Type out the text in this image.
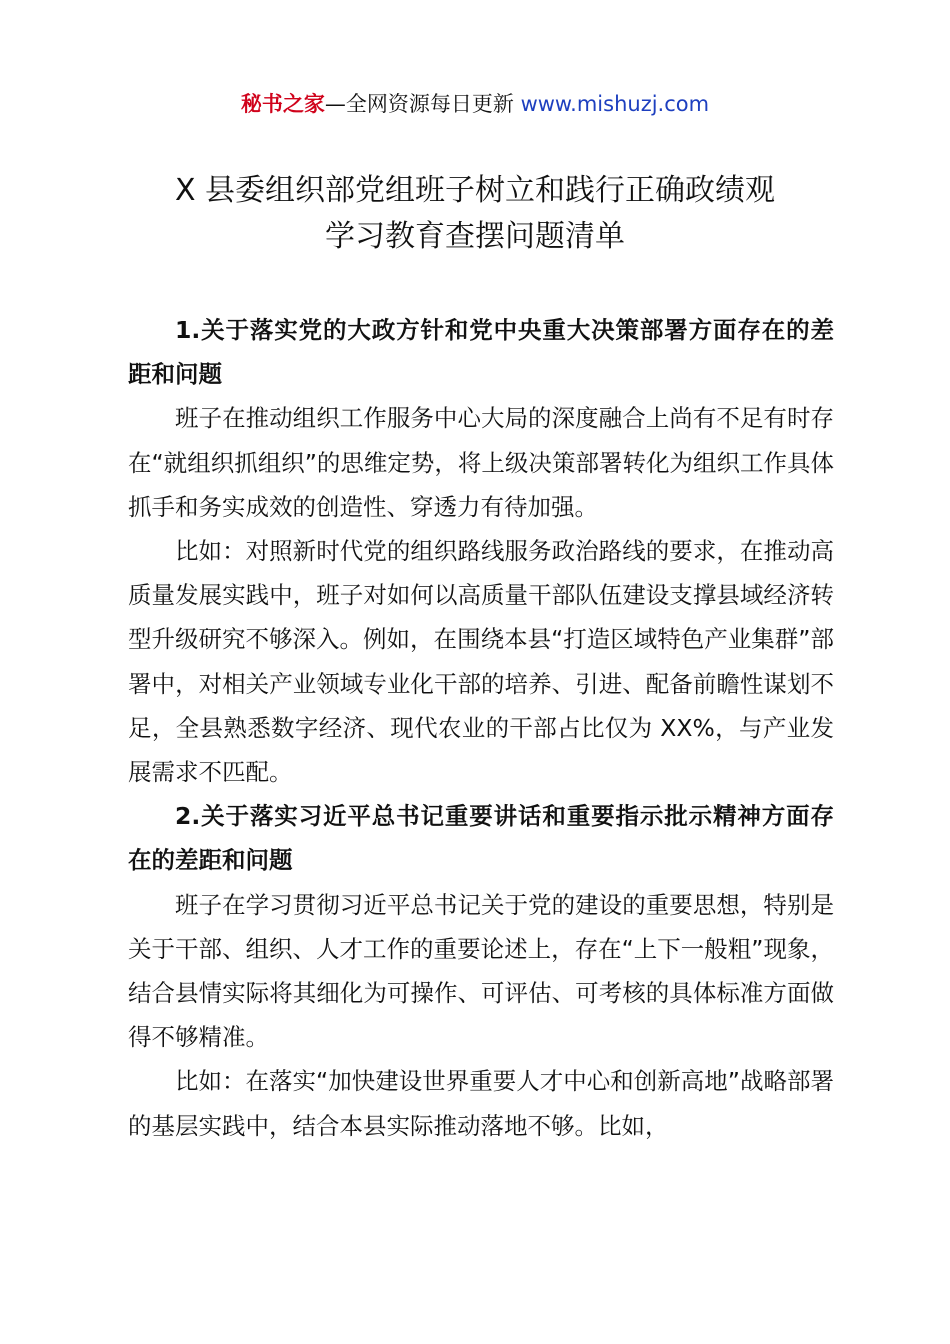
秘书之家—全网资源每日更新 www.mishuzj.com
X 县委组织部党组班子树立和践行正确政绩观
学习教育查摆问题清单

1.关于落实党的大政方针和党中央重大决策部署方面存在的差距和问题

班子在推动组织工作服务中心大局的深度融合上尚有不足有时存在“就组织抓组织”的思维定势，将上级决策部署转化为组织工作具体抓手和务实成效的创造性、穿透力有待加强。

比如：对照新时代党的组织路线服务政治路线的要求，在推动高质量发展实践中，班子对如何以高质量干部队伍建设支撑县域经济转型升级研究不够深入。例如，在围绕本县“打造区域特色产业集群”部署中，对相关产业领域专业化干部的培养、引进、配备前瞻性谋划不足，全县熟悉数字经济、现代农业的干部占比仅为 XX%，与产业发展需求不匹配。

2.关于落实习近平总书记重要讲话和重要指示批示精神方面存在的差距和问题

班子在学习贯彻习近平总书记关于党的建设的重要思想，特别是关于干部、组织、人才工作的重要论述上，存在“上下一般粗”现象，结合县情实际将其细化为可操作、可评估、可考核的具体标准方面做得不够精准。

比如：在落实“加快建设世界重要人才中心和创新高地”战略部署的基层实践中，结合本县实际推动落地不够。比如，
